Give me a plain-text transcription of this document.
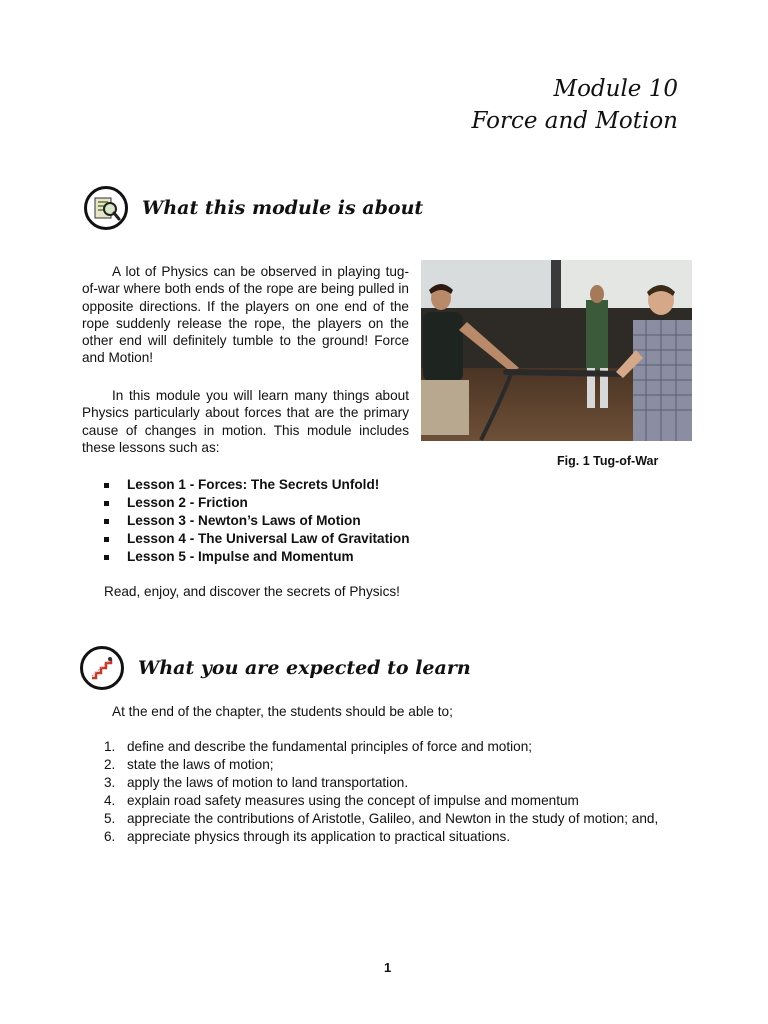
Module 10
Force and Motion
What this module is about

A lot of Physics can be observed in playing tug-of-war where both ends of the rope are being pulled in opposite directions. If the players on one end of the rope suddenly release the rope, the players on the other end will definitely tumble to the ground! Force and Motion!

In this module you will learn many things about Physics particularly about forces that are the primary cause of changes in motion. This module includes these lessons such as:

Fig. 1 Tug-of-War
Lesson 1 - Forces: The Secrets Unfold!
Lesson 2 - Friction
Lesson 3 - Newton’s Laws of Motion
Lesson 4 - The Universal Law of Gravitation
Lesson 5 - Impulse and Momentum

Read, enjoy, and discover the secrets of Physics!

What you are expected to learn

At the end of the chapter, the students should be able to;

1. define and describe the fundamental principles of force and motion;
2. state the laws of motion;
3. apply the laws of motion to land transportation.
4. explain road safety measures using the concept of impulse and momentum
5. appreciate the contributions of Aristotle, Galileo, and Newton in the study of motion; and,
6. appreciate physics through its application to practical situations.
1
